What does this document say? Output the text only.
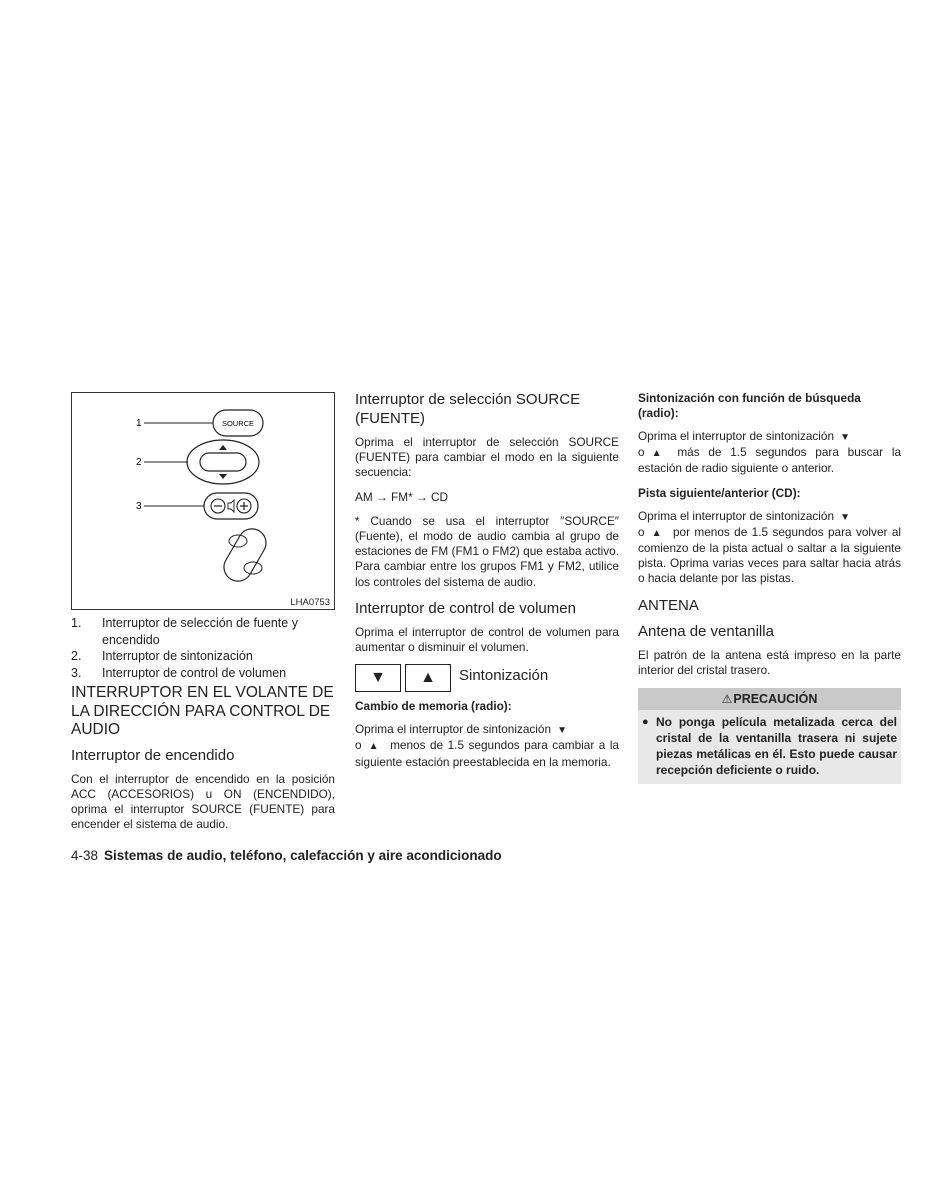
1	SOURCE
2
3
LHA0753
1.	Interruptor de selección de fuente y encendido
2.	Interruptor de sintonización
3.	Interruptor de control de volumen
INTERRUPTOR EN EL VOLANTE DE LA DIRECCIÓN PARA CONTROL DE AUDIO
Interruptor de encendido

Con el interruptor de encendido en la posición ACC (ACCESORIOS) u ON (ENCENDIDO), oprima el interruptor SOURCE (FUENTE) para encender el sistema de audio.

Interruptor de selección SOURCE (FUENTE)

Oprima el interruptor de selección SOURCE (FUENTE) para cambiar el modo en la siguiente secuencia:

AM → FM* → CD

* Cuando se usa el interruptor ″SOURCE″ (Fuente), el modo de audio cambia al grupo de estaciones de FM (FM1 o FM2) que estaba activo. Para cambiar entre los grupos FM1 y FM2, utilice los controles del sistema de audio.

Interruptor de control de volumen

Oprima el interruptor de control de volumen para aumentar o disminuir el volumen.

▼ ▲ Sintonización
Cambio de memoria (radio):

Oprima el interruptor de sintonización ▼
o ▲ menos de 1.5 segundos para cambiar a la siguiente estación preestablecida en la memoria.

Sintonización con función de búsqueda (radio):

Oprima el interruptor de sintonización ▼
o ▲ más de 1.5 segundos para buscar la estación de radio siguiente o anterior.

Pista siguiente/anterior (CD):

Oprima el interruptor de sintonización ▼
o ▲ por menos de 1.5 segundos para volver al comienzo de la pista actual o saltar a la siguiente pista. Oprima varias veces para saltar hacia atrás o hacia delante por las pistas.

ANTENA
Antena de ventanilla

El patrón de la antena está impreso en la parte interior del cristal trasero.

⚠ PRECAUCIÓN
● No ponga película metalizada cerca del cristal de la ventanilla trasera ni sujete piezas metálicas en él. Esto puede causar recepción deficiente o ruido.
4-38 Sistemas de audio, teléfono, calefacción y aire acondicionado
